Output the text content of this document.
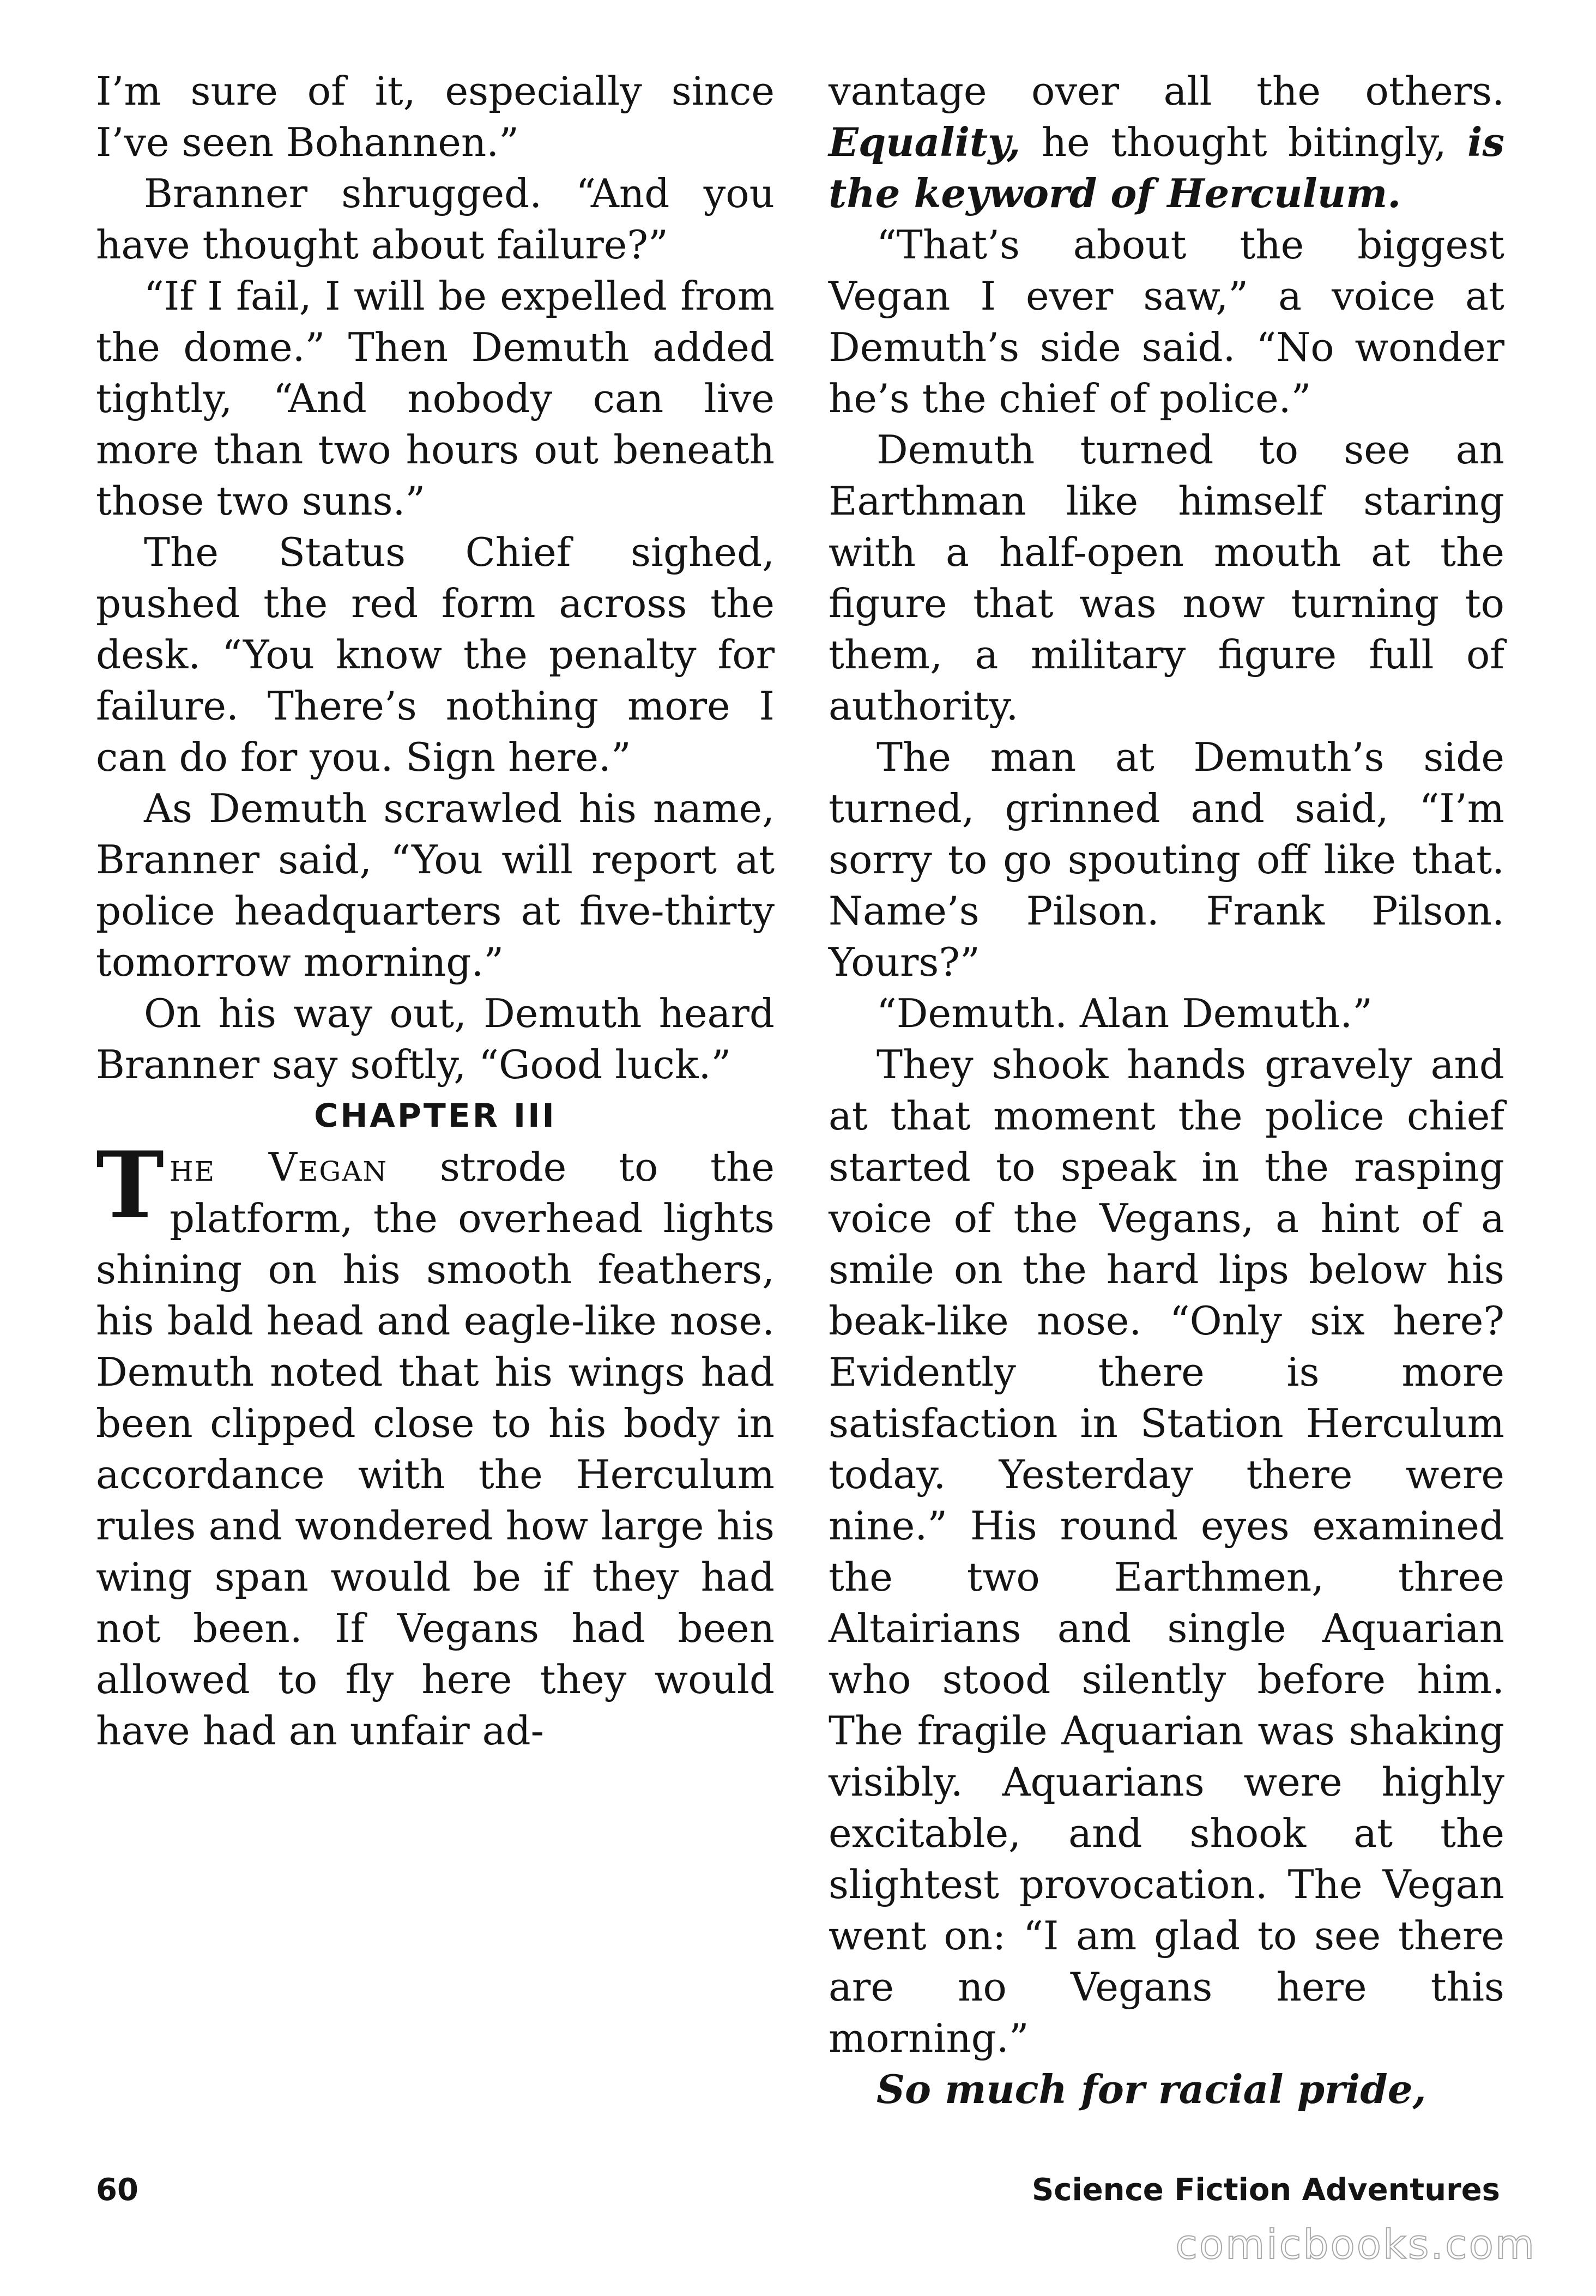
I’m sure of it, especially since I’ve seen Bohannen.”

Branner shrugged. “And you have thought about failure?”

“If I fail, I will be expelled from the dome.” Then Demuth added tightly, “And nobody can live more than two hours out beneath those two suns.”

The Status Chief sighed, pushed the red form across the desk. “You know the penalty for failure. There’s nothing more I can do for you. Sign here.”

As Demuth scrawled his name, Branner said, “You will report at police headquarters at five-thirty tomorrow morning.”

On his way out, Demuth heard Branner say softly, “Good luck.”

CHAPTER III

The Vegan strode to the platform, the overhead lights shining on his smooth feathers, his bald head and eagle-like nose. Demuth noted that his wings had been clipped close to his body in accordance with the Herculum rules and wondered how large his wing span would be if they had not been. If Vegans had been allowed to fly here they would have had an unfair ad-

vantage over all the others. Equality, he thought bitingly, is the keyword of Herculum.

“That’s about the biggest Vegan I ever saw,” a voice at Demuth’s side said. “No wonder he’s the chief of police.”

Demuth turned to see an Earthman like himself staring with a half-open mouth at the figure that was now turning to them, a military figure full of authority.

The man at Demuth’s side turned, grinned and said, “I’m sorry to go spouting off like that. Name’s Pilson. Frank Pilson. Yours?”

“Demuth. Alan Demuth.”

They shook hands gravely and at that moment the police chief started to speak in the rasping voice of the Vegans, a hint of a smile on the hard lips below his beak-like nose. “Only six here? Evidently there is more satisfaction in Station Herculum today. Yesterday there were nine.” His round eyes examined the two Earthmen, three Altairians and single Aquarian who stood silently before him. The fragile Aquarian was shaking visibly. Aquarians were highly excitable, and shook at the slightest provocation. The Vegan went on: “I am glad to see there are no Vegans here this morning.”

So much for racial pride,

60	Science Fiction Adventures
comicbooks.com
